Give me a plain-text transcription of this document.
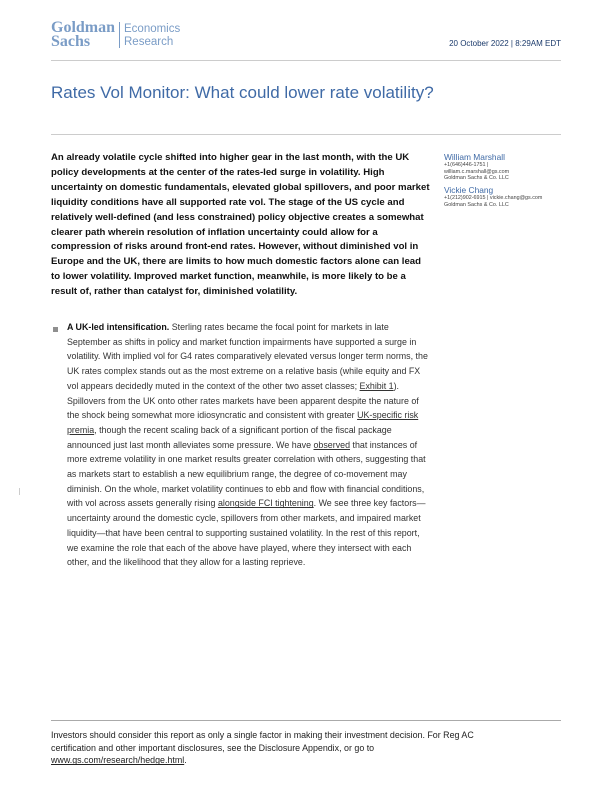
Goldman
Sachs
Economics
Research	20 October 2022 | 8:29AM EDT
Rates Vol Monitor: What could lower rate volatility?
An already volatile cycle shifted into higher gear in the last month, with the UK policy developments at the center of the rates-led surge in volatility. High uncertainty on domestic fundamentals, elevated global spillovers, and poor market liquidity conditions have all supported rate vol. The stage of the US cycle and relatively well-defined (and less constrained) policy objective creates a somewhat clearer path wherein resolution of inflation uncertainty could allow for a compression of risks around front-end rates. However, without diminished vol in Europe and the UK, there are limits to how much domestic factors alone can lead to lower volatility. Improved market function, meanwhile, is more likely to be a result of, rather than catalyst for, diminished volatility.
William Marshall
+1(646)446-1751 |
william.c.marshall@gs.com
Goldman Sachs & Co. LLC
Vickie Chang
+1(212)902-6915 | vickie.chang@gs.com
Goldman Sachs & Co. LLC
A UK-led intensification. Sterling rates became the focal point for markets in late September as shifts in policy and market function impairments have supported a surge in volatility. With implied vol for G4 rates comparatively elevated versus longer term norms, the UK rates complex stands out as the most extreme on a relative basis (while equity and FX vol appears decidedly muted in the context of the other two asset classes; Exhibit 1). Spillovers from the UK onto other rates markets have been apparent despite the nature of the shock being somewhat more idiosyncratic and consistent with greater UK-specific risk premia, though the recent scaling back of a significant portion of the fiscal package announced just last month alleviates some pressure. We have observed that instances of more extreme volatility in one market results greater correlation with others, suggesting that as markets start to establish a new equilibrium range, the degree of co-movement may diminish. On the whole, market volatility continues to ebb and flow with financial conditions, with vol across assets generally rising alongside FCI tightening. We see three key factors—uncertainty around the domestic cycle, spillovers from other markets, and impaired market liquidity—that have been central to supporting sustained volatility. In the rest of this report, we examine the role that each of the above have played, where they intersect with each other, and the likelihood that they allow for a lasting reprieve.
Investors should consider this report as only a single factor in making their investment decision. For Reg AC certification and other important disclosures, see the Disclosure Appendix, or go to www.gs.com/research/hedge.html.
